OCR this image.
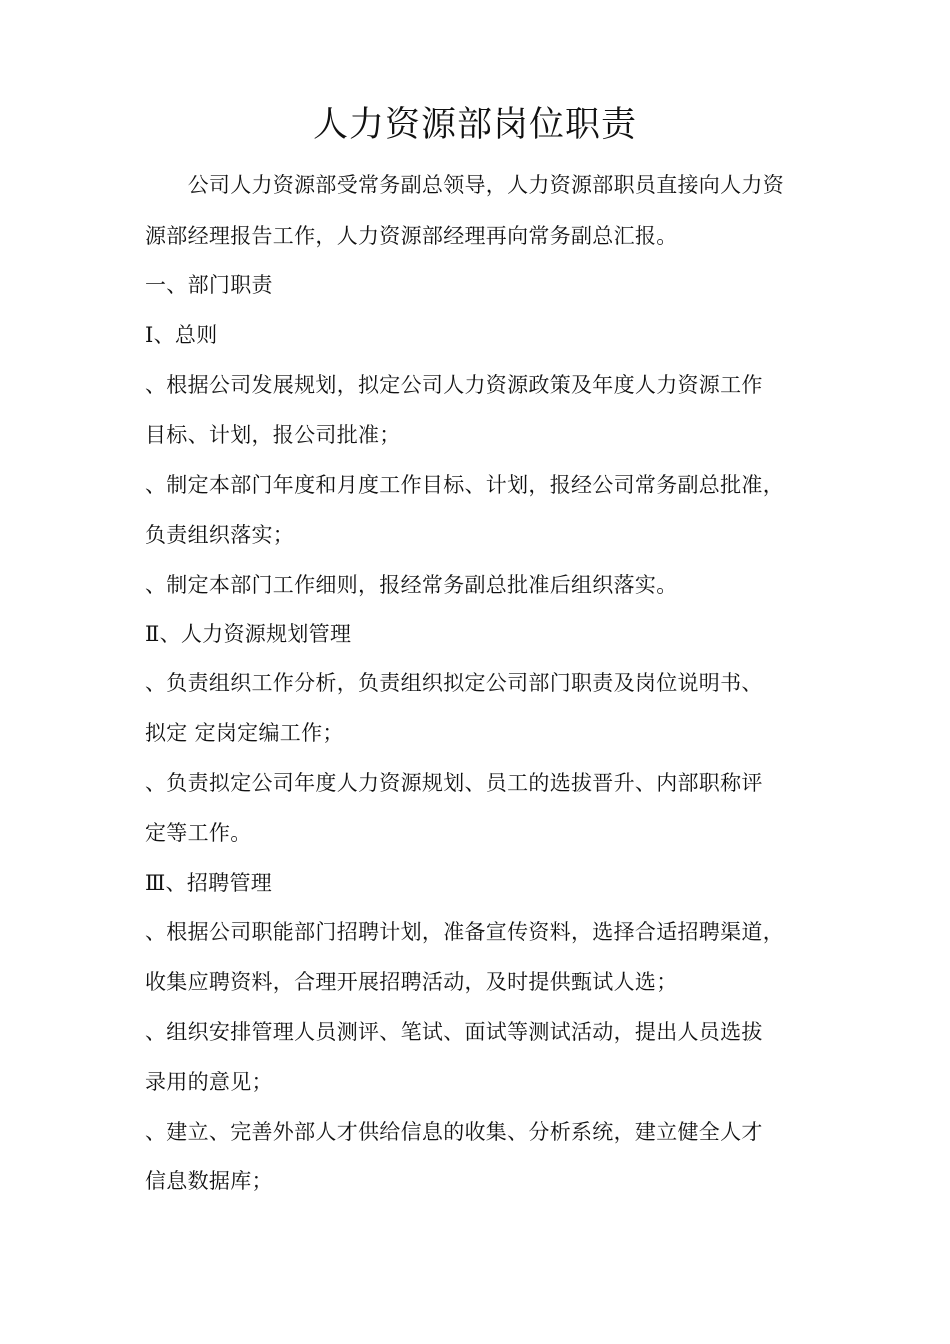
人力资源部岗位职责
　　公司人力资源部受常务副总领导，人力资源部职员直接向人力资
源部经理报告工作，人力资源部经理再向常务副总汇报。
一、部门职责
Ⅰ、总则
、根据公司发展规划，拟定公司人力资源政策及年度人力资源工作
目标、计划，报公司批准；
、制定本部门年度和月度工作目标、计划，报经公司常务副总批准，
负责组织落实；
、制定本部门工作细则，报经常务副总批准后组织落实。
Ⅱ、人力资源规划管理
、负责组织工作分析，负责组织拟定公司部门职责及岗位说明书、
拟定 定岗定编工作；
、负责拟定公司年度人力资源规划、员工的选拔晋升、内部职称评
定等工作。
Ⅲ、招聘管理
、根据公司职能部门招聘计划，准备宣传资料，选择合适招聘渠道，
收集应聘资料，合理开展招聘活动，及时提供甄试人选；
、组织安排管理人员测评、笔试、面试等测试活动，提出人员选拔
录用的意见；
、建立、完善外部人才供给信息的收集、分析系统，建立健全人才
信息数据库；
